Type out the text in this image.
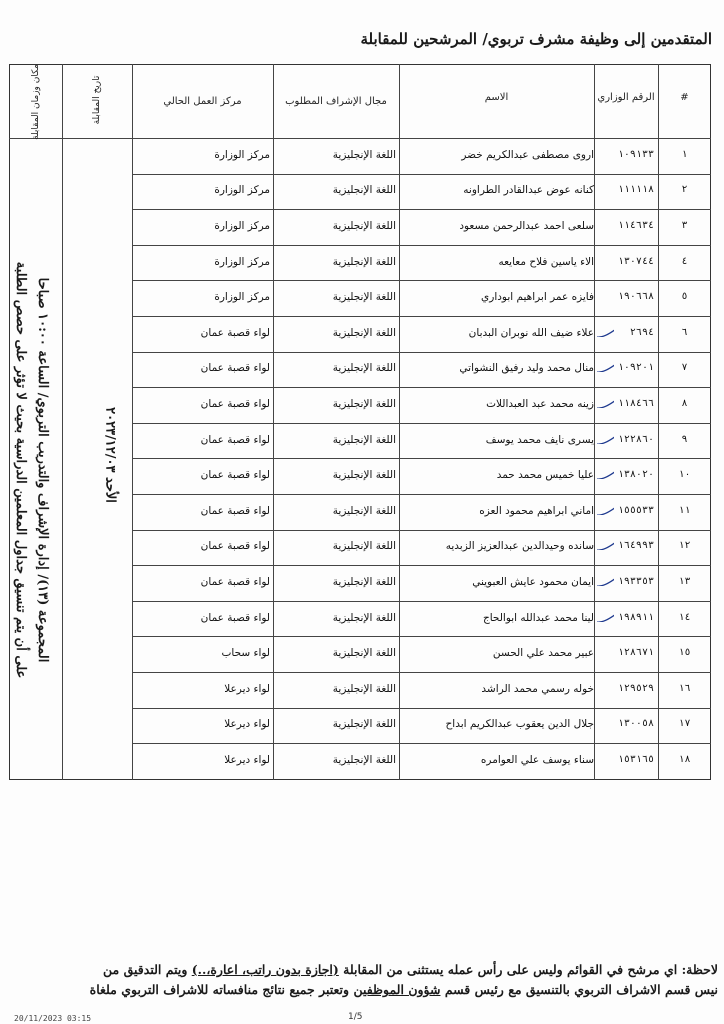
المتقدمين إلى وظيفة مشرف تربوي/ المرشحين للمقابلة
#
الرقم الوزاري
الاسم
مجال الإشراف المطلوب
مركز العمل الحالي
تاريخ المقابلة
مكان وزمان المقابلة
١
١٠٩١٣٣
اروى مصطفى عبدالكريم خضر
اللغة الإنجليزية
مركز الوزارة
٢
١١١١١٨
كنانه عوض عبدالقادر الطراونه
اللغة الإنجليزية
مركز الوزارة
٣
١١٤٦٣٤
سلعى احمد عبدالرحمن مسعود
اللغة الإنجليزية
مركز الوزارة
٤
١٣٠٧٤٤
الاء ياسين فلاح معايعه
اللغة الإنجليزية
مركز الوزارة
٥
١٩٠٦٦٨
فايزه عمر ابراهيم ابوداري
اللغة الإنجليزية
مركز الوزارة
٦
٢٦٩٤
علاء ضيف الله نوبران البدبان
اللغة الإنجليزية
لواء قصبة عمان
٧
١٠٩٢٠١
منال محمد وليد رفيق النشواتي
اللغة الإنجليزية
لواء قصبة عمان
٨
١١٨٤٦٦
زينه محمد عبد العبداللات
اللغة الإنجليزية
لواء قصبة عمان
٩
١٢٢٨٦٠
يسرى نايف محمد يوسف
اللغة الإنجليزية
لواء قصبة عمان
١٠
١٣٨٠٢٠
عليا خميس محمد حمد
اللغة الإنجليزية
لواء قصبة عمان
١١
١٥٥٥٣٣
اماني ابراهيم محمود العزه
اللغة الإنجليزية
لواء قصبة عمان
١٢
١٦٤٩٩٣
سانده وحيدالدين عبدالعزيز الزبديه
اللغة الإنجليزية
لواء قصبة عمان
١٣
١٩٣٣٥٣
ايمان محمود عايش العبويني
اللغة الإنجليزية
لواء قصبة عمان
١٤
١٩٨٩١١
لينا محمد عبدالله ابوالحاج
اللغة الإنجليزية
لواء قصبة عمان
١٥
١٢٨٦٧١
عبير محمد علي الحسن
اللغة الإنجليزية
لواء سحاب
١٦
١٢٩٥٢٩
خوله رسمي محمد الراشد
اللغة الإنجليزية
لواء ديرعلا
١٧
١٣٠٠٥٨
جلال الدين يعقوب عبدالكريم ابداح
اللغة الإنجليزية
لواء ديرعلا
١٨
١٥٣١٦٥
سناء يوسف علي العوامره
اللغة الإنجليزية
لواء ديرعلا
الأحد ٢٠٢٣/١٢/٠٣
المجموعة (١٣)/ إدارة الإشراف والتدريب التربوي/ الساعة ١٠:٠٠ صباحا
على أن يتم تنسيق جداول المعلمين الدراسية بحيث لا تؤثر على حصص الطلبة
لاحظة: اي مرشح في القوائم وليس على رأس عمله يستثنى من المقابلة (اجازة بدون راتب، اعارة،..) ويتم التدقيق من
نيس قسم الاشراف التربوي بالتنسيق مع رئيس قسم شؤون الموظفين وتعتبر جميع نتائج منافساته للاشراف التربوي ملغاة
20/11/2023 03:15	1/5
